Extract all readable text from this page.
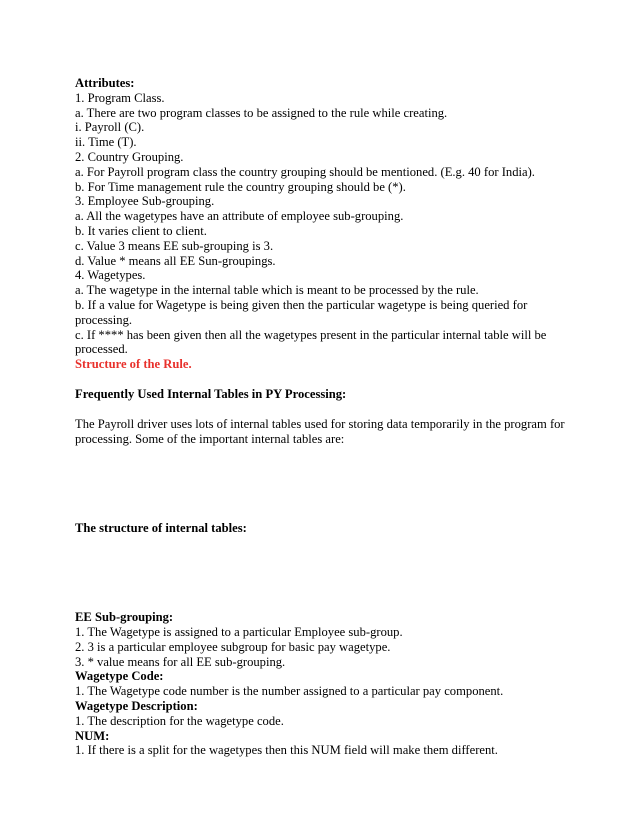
Attributes:
1. Program Class.
a. There are two program classes to be assigned to the rule while creating.
i. Payroll (C).
ii. Time (T).
2. Country Grouping.
a. For Payroll program class the country grouping should be mentioned. (E.g. 40 for India).
b. For Time management rule the country grouping should be (*).
3. Employee Sub-grouping.
a. All the wagetypes have an attribute of employee sub-grouping.
b. It varies client to client.
c. Value 3 means EE sub-grouping is 3.
d. Value * means all EE Sun-groupings.
4. Wagetypes.
a. The wagetype in the internal table which is meant to be processed by the rule.
b. If a value for Wagetype is being given then the particular wagetype is being queried for processing.
c. If **** has been given then all the wagetypes present in the particular internal table will be processed.
Structure of the Rule.
Frequently Used Internal Tables in PY Processing:
The Payroll driver uses lots of internal tables used for storing data temporarily in the program for processing. Some of the important internal tables are:
The structure of internal tables:
EE Sub-grouping:
1. The Wagetype is assigned to a particular Employee sub-group.
2. 3 is a particular employee subgroup for basic pay wagetype.
3. * value means for all EE sub-grouping.
Wagetype Code:
1. The Wagetype code number is the number assigned to a particular pay component.
Wagetype Description:
1. The description for the wagetype code.
NUM:
1. If there is a split for the wagetypes then this NUM field will make them different.
